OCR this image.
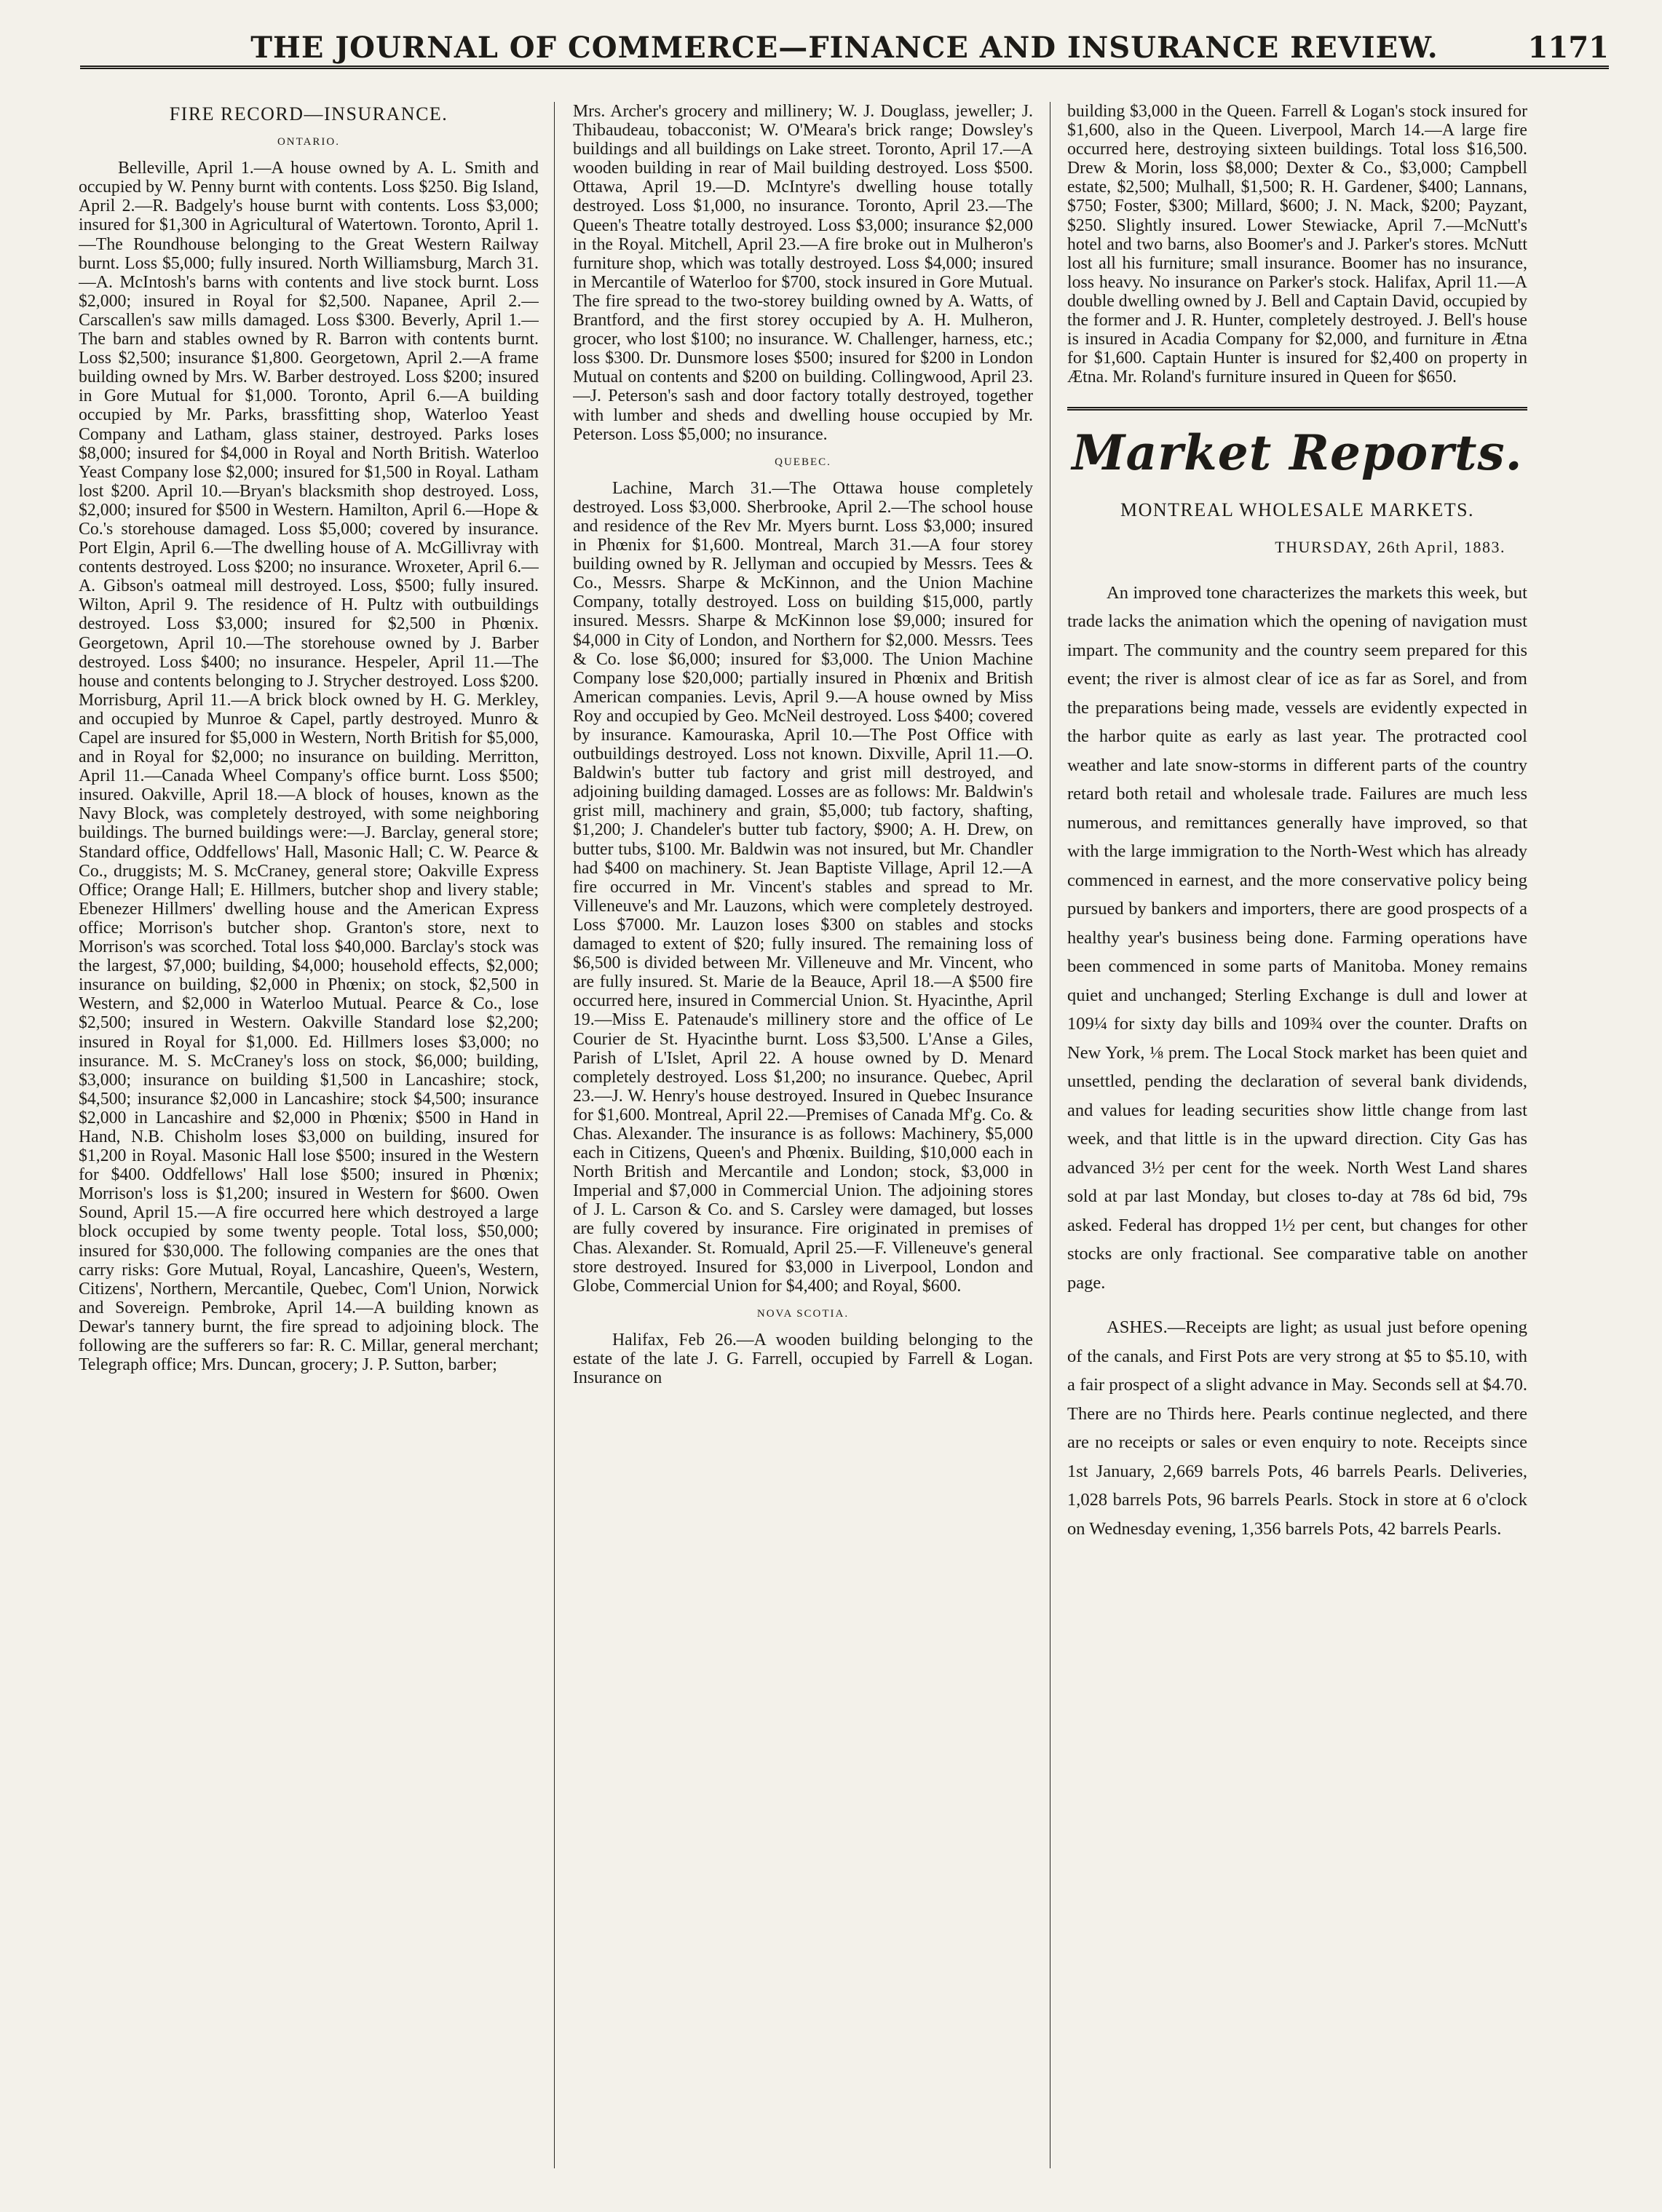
THE JOURNAL OF COMMERCE—FINANCE AND INSURANCE REVIEW.	1171
FIRE RECORD—INSURANCE.
ONTARIO.

Belleville, April 1.—A house owned by A. L. Smith and occupied by W. Penny burnt with contents. Loss $250. Big Island, April 2.—R. Badgely's house burnt with contents. Loss $3,000; insured for $1,300 in Agricultural of Watertown. Toronto, April 1.—The Roundhouse belonging to the Great Western Railway burnt. Loss $5,000; fully insured. North Williamsburg, March 31.—A. McIntosh's barns with contents and live stock burnt. Loss $2,000; insured in Royal for $2,500. Napanee, April 2.—Carscallen's saw mills damaged. Loss $300. Beverly, April 1.—The barn and stables owned by R. Barron with contents burnt. Loss $2,500; insurance $1,800. Georgetown, April 2.—A frame building owned by Mrs. W. Barber destroyed. Loss $200; insured in Gore Mutual for $1,000. Toronto, April 6.—A building occupied by Mr. Parks, brassfitting shop, Waterloo Yeast Company and Latham, glass stainer, destroyed. Parks loses $8,000; insured for $4,000 in Royal and North British. Waterloo Yeast Company lose $2,000; insured for $1,500 in Royal. Latham lost $200. April 10.—Bryan's blacksmith shop destroyed. Loss, $2,000; insured for $500 in Western. Hamilton, April 6.—Hope & Co.'s storehouse damaged. Loss $5,000; covered by insurance. Port Elgin, April 6.—The dwelling house of A. McGillivray with contents destroyed. Loss $200; no insurance. Wroxeter, April 6.—A. Gibson's oatmeal mill destroyed. Loss, $500; fully insured. Wilton, April 9. The residence of H. Pultz with outbuildings destroyed. Loss $3,000; insured for $2,500 in Phœnix. Georgetown, April 10.—The storehouse owned by J. Barber destroyed. Loss $400; no insurance. Hespeler, April 11.—The house and contents belonging to J. Strycher destroyed. Loss $200. Morrisburg, April 11.—A brick block owned by H. G. Merkley, and occupied by Munroe & Capel, partly destroyed. Munro & Capel are insured for $5,000 in Western, North British for $5,000, and in Royal for $2,000; no insurance on building. Merritton, April 11.—Canada Wheel Company's office burnt. Loss $500; insured. Oakville, April 18.—A block of houses, known as the Navy Block, was completely destroyed, with some neighboring buildings. The burned buildings were:—J. Barclay, general store; Standard office, Oddfellows' Hall, Masonic Hall; C. W. Pearce & Co., druggists; M. S. McCraney, general store; Oakville Express Office; Orange Hall; E. Hillmers, butcher shop and livery stable; Ebenezer Hillmers' dwelling house and the American Express office; Morrison's butcher shop. Granton's store, next to Morrison's was scorched. Total loss $40,000. Barclay's stock was the largest, $7,000; building, $4,000; household effects, $2,000; insurance on building, $2,000 in Phœnix; on stock, $2,500 in Western, and $2,000 in Waterloo Mutual. Pearce & Co., lose $2,500; insured in Western. Oakville Standard lose $2,200; insured in Royal for $1,000. Ed. Hillmers loses $3,000; no insurance. M. S. McCraney's loss on stock, $6,000; building, $3,000; insurance on building $1,500 in Lancashire; stock, $4,500; insurance $2,000 in Lancashire; stock $4,500; insurance $2,000 in Lancashire and $2,000 in Phœnix; $500 in Hand in Hand, N.B. Chisholm loses $3,000 on building, insured for $1,200 in Royal. Masonic Hall lose $500; insured in the Western for $400. Oddfellows' Hall lose $500; insured in Phœnix; Morrison's loss is $1,200; insured in Western for $600. Owen Sound, April 15.—A fire occurred here which destroyed a large block occupied by some twenty people. Total loss, $50,000; insured for $30,000. The following companies are the ones that carry risks: Gore Mutual, Royal, Lancashire, Queen's, Western, Citizens', Northern, Mercantile, Quebec, Com'l Union, Norwick and Sovereign. Pembroke, April 14.—A building known as Dewar's tannery burnt, the fire spread to adjoining block. The following are the sufferers so far: R. C. Millar, general merchant; Telegraph office; Mrs. Duncan, grocery; J. P. Sutton, barber;

Mrs. Archer's grocery and millinery; W. J. Douglass, jeweller; J. Thibaudeau, tobacconist; W. O'Meara's brick range; Dowsley's buildings and all buildings on Lake street. Toronto, April 17.—A wooden building in rear of Mail building destroyed. Loss $500. Ottawa, April 19.—D. McIntyre's dwelling house totally destroyed. Loss $1,000, no insurance. Toronto, April 23.—The Queen's Theatre totally destroyed. Loss $3,000; insurance $2,000 in the Royal. Mitchell, April 23.—A fire broke out in Mulheron's furniture shop, which was totally destroyed. Loss $4,000; insured in Mercantile of Waterloo for $700, stock insured in Gore Mutual. The fire spread to the two-storey building owned by A. Watts, of Brantford, and the first storey occupied by A. H. Mulheron, grocer, who lost $100; no insurance. W. Challenger, harness, etc.; loss $300. Dr. Dunsmore loses $500; insured for $200 in London Mutual on contents and $200 on building. Collingwood, April 23.—J. Peterson's sash and door factory totally destroyed, together with lumber and sheds and dwelling house occupied by Mr. Peterson. Loss $5,000; no insurance.

QUEBEC.

Lachine, March 31.—The Ottawa house completely destroyed. Loss $3,000. Sherbrooke, April 2.—The school house and residence of the Rev Mr. Myers burnt. Loss $3,000; insured in Phœnix for $1,600. Montreal, March 31.—A four storey building owned by R. Jellyman and occupied by Messrs. Tees & Co., Messrs. Sharpe & McKinnon, and the Union Machine Company, totally destroyed. Loss on building $15,000, partly insured. Messrs. Sharpe & McKinnon lose $9,000; insured for $4,000 in City of London, and Northern for $2,000. Messrs. Tees & Co. lose $6,000; insured for $3,000. The Union Machine Company lose $20,000; partially insured in Phœnix and British American companies. Levis, April 9.—A house owned by Miss Roy and occupied by Geo. McNeil destroyed. Loss $400; covered by insurance. Kamouraska, April 10.—The Post Office with outbuildings destroyed. Loss not known. Dixville, April 11.—O. Baldwin's butter tub factory and grist mill destroyed, and adjoining building damaged. Losses are as follows: Mr. Baldwin's grist mill, machinery and grain, $5,000; tub factory, shafting, $1,200; J. Chandeler's butter tub factory, $900; A. H. Drew, on butter tubs, $100. Mr. Baldwin was not insured, but Mr. Chandler had $400 on machinery. St. Jean Baptiste Village, April 12.—A fire occurred in Mr. Vincent's stables and spread to Mr. Villeneuve's and Mr. Lauzons, which were completely destroyed. Loss $7000. Mr. Lauzon loses $300 on stables and stocks damaged to extent of $20; fully insured. The remaining loss of $6,500 is divided between Mr. Villeneuve and Mr. Vincent, who are fully insured. St. Marie de la Beauce, April 18.—A $500 fire occurred here, insured in Commercial Union. St. Hyacinthe, April 19.—Miss E. Patenaude's millinery store and the office of Le Courier de St. Hyacinthe burnt. Loss $3,500. L'Anse a Giles, Parish of L'Islet, April 22. A house owned by D. Menard completely destroyed. Loss $1,200; no insurance. Quebec, April 23.—J. W. Henry's house destroyed. Insured in Quebec Insurance for $1,600. Montreal, April 22.—Premises of Canada Mf'g. Co. & Chas. Alexander. The insurance is as follows: Machinery, $5,000 each in Citizens, Queen's and Phœnix. Building, $10,000 each in North British and Mercantile and London; stock, $3,000 in Imperial and $7,000 in Commercial Union. The adjoining stores of J. L. Carson & Co. and S. Carsley were damaged, but losses are fully covered by insurance. Fire originated in premises of Chas. Alexander. St. Romuald, April 25.—F. Villeneuve's general store destroyed. Insured for $3,000 in Liverpool, London and Globe, Commercial Union for $4,400; and Royal, $600.

NOVA SCOTIA.

Halifax, Feb 26.—A wooden building belonging to the estate of the late J. G. Farrell, occupied by Farrell & Logan. Insurance on

building $3,000 in the Queen. Farrell & Logan's stock insured for $1,600, also in the Queen. Liverpool, March 14.—A large fire occurred here, destroying sixteen buildings. Total loss $16,500. Drew & Morin, loss $8,000; Dexter & Co., $3,000; Campbell estate, $2,500; Mulhall, $1,500; R. H. Gardener, $400; Lannans, $750; Foster, $300; Millard, $600; J. N. Mack, $200; Payzant, $250. Slightly insured. Lower Stewiacke, April 7.—McNutt's hotel and two barns, also Boomer's and J. Parker's stores. McNutt lost all his furniture; small insurance. Boomer has no insurance, loss heavy. No insurance on Parker's stock. Halifax, April 11.—A double dwelling owned by J. Bell and Captain David, occupied by the former and J. R. Hunter, completely destroyed. J. Bell's house is insured in Acadia Company for $2,000, and furniture in Ætna for $1,600. Captain Hunter is insured for $2,400 on property in Ætna. Mr. Roland's furniture insured in Queen for $650.

Market Reports.
MONTREAL WHOLESALE MARKETS.
THURSDAY, 26th April, 1883.

An improved tone characterizes the markets this week, but trade lacks the animation which the opening of navigation must impart. The community and the country seem prepared for this event; the river is almost clear of ice as far as Sorel, and from the preparations being made, vessels are evidently expected in the harbor quite as early as last year. The protracted cool weather and late snow-storms in different parts of the country retard both retail and wholesale trade. Failures are much less numerous, and remittances generally have improved, so that with the large immigration to the North-West which has already commenced in earnest, and the more conservative policy being pursued by bankers and importers, there are good prospects of a healthy year's business being done. Farming operations have been commenced in some parts of Manitoba. Money remains quiet and unchanged; Sterling Exchange is dull and lower at 109¼ for sixty day bills and 109¾ over the counter. Drafts on New York, ⅛ prem. The Local Stock market has been quiet and unsettled, pending the declaration of several bank dividends, and values for leading securities show little change from last week, and that little is in the upward direction. City Gas has advanced 3½ per cent for the week. North West Land shares sold at par last Monday, but closes to-day at 78s 6d bid, 79s asked. Federal has dropped 1½ per cent, but changes for other stocks are only fractional. See comparative table on another page.

ASHES.—Receipts are light; as usual just before opening of the canals, and First Pots are very strong at $5 to $5.10, with a fair prospect of a slight advance in May. Seconds sell at $4.70. There are no Thirds here. Pearls continue neglected, and there are no receipts or sales or even enquiry to note. Receipts since 1st January, 2,669 barrels Pots, 46 barrels Pearls. Deliveries, 1,028 barrels Pots, 96 barrels Pearls. Stock in store at 6 o'clock on Wednesday evening, 1,356 barrels Pots, 42 barrels Pearls.
